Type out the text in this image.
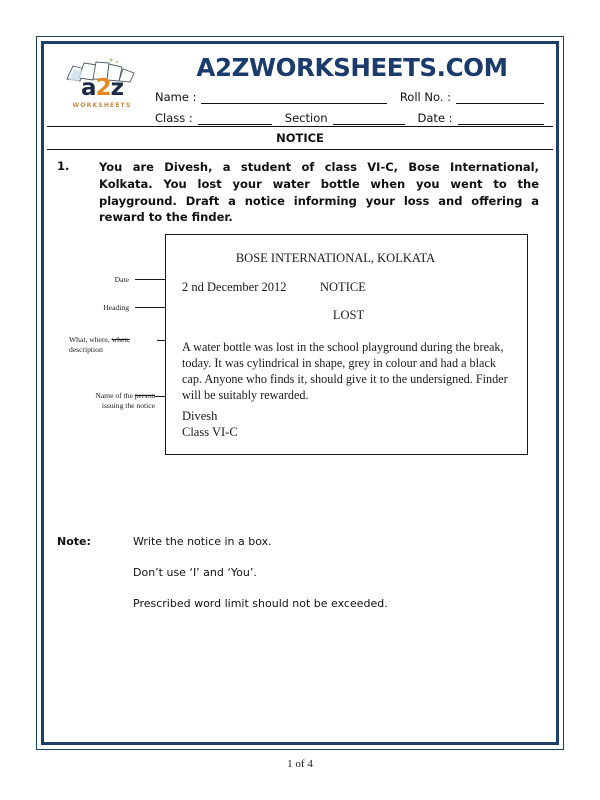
a2z
WORKSHEETS
A2ZWORKSHEETS.COM
Name :	Roll No. :
Class :	Section	Date :
NOTICE
1.	You are Divesh, a student of class VI-C, Bose International, Kolkata. You lost your water bottle when you went to the playground. Draft a notice informing your loss and offering a reward to the finder.
Date
Heading
What, where, when,
description
Name of the person
issuing the notice
BOSE INTERNATIONAL, KOLKATA
2 nd December 2012	NOTICE
LOST
A water bottle was lost in the school playground during the break, today. It was cylindrical in shape, grey in colour and had a black cap. Anyone who finds it, should give it to the undersigned. Finder will be suitably rewarded.
Divesh
Class VI-C
Note:	Write the notice in a box.
Don’t use ‘I’ and ‘You’.
Prescribed word limit should not be exceeded.
1 of 4
